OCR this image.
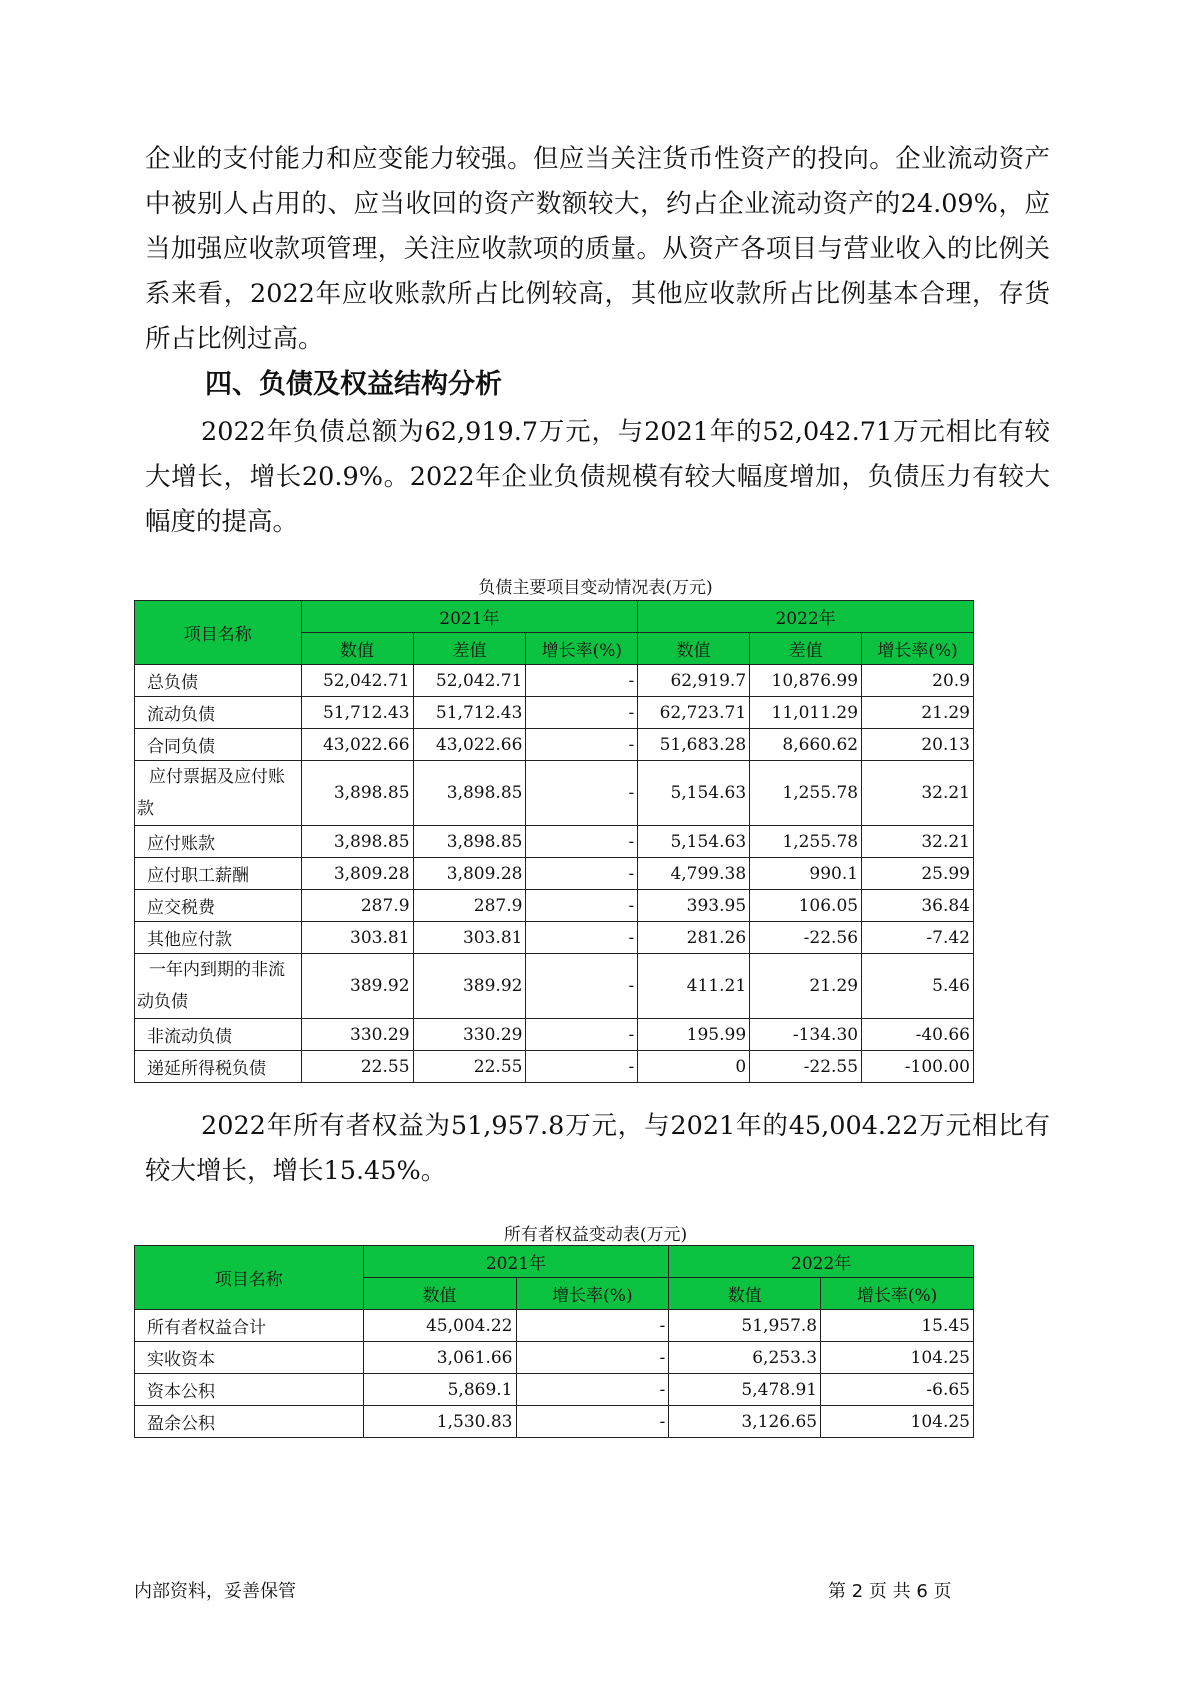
企业的支付能力和应变能力较强。但应当关注货币性资产的投向。企业流动资产中被别人占用的、应当收回的资产数额较大，约占企业流动资产的24.09%，应当加强应收款项管理，关注应收款项的质量。从资产各项目与营业收入的比例关系来看，2022年应收账款所占比例较高，其他应收款所占比例基本合理，存货所占比例过高。

四、负债及权益结构分析

2022年负债总额为62,919.7万元，与2021年的52,042.71万元相比有较大增长，增长20.9%。2022年企业负债规模有较大幅度增加，负债压力有较大幅度的提高。

负债主要项目变动情况表(万元)
项目名称	2021年			2022年		
	数值	差值	增长率(%)	数值	差值	增长率(%)
总负债	52,042.71	52,042.71	-	62,919.7	10,876.99	20.9
流动负债	51,712.43	51,712.43	-	62,723.71	11,011.29	21.29
合同负债	43,022.66	43,022.66	-	51,683.28	8,660.62	20.13
应付票据及应付账款	3,898.85	3,898.85	-	5,154.63	1,255.78	32.21
应付账款	3,898.85	3,898.85	-	5,154.63	1,255.78	32.21
应付职工薪酬	3,809.28	3,809.28	-	4,799.38	990.1	25.99
应交税费	287.9	287.9	-	393.95	106.05	36.84
其他应付款	303.81	303.81	-	281.26	-22.56	-7.42
一年内到期的非流动负债	389.92	389.92	-	411.21	21.29	5.46
非流动负债	330.29	330.29	-	195.99	-134.30	-40.66
递延所得税负债	22.55	22.55	-	0	-22.55	-100.00

2022年所有者权益为51,957.8万元，与2021年的45,004.22万元相比有较大增长，增长15.45%。

所有者权益变动表(万元)
项目名称	2021年		2022年	
	数值	增长率(%)	数值	增长率(%)
所有者权益合计	45,004.22	-	51,957.8	15.45
实收资本	3,061.66	-	6,253.3	104.25
资本公积	5,869.1	-	5,478.91	-6.65
盈余公积	1,530.83	-	3,126.65	104.25
内部资料，妥善保管	第 2 页 共 6 页
